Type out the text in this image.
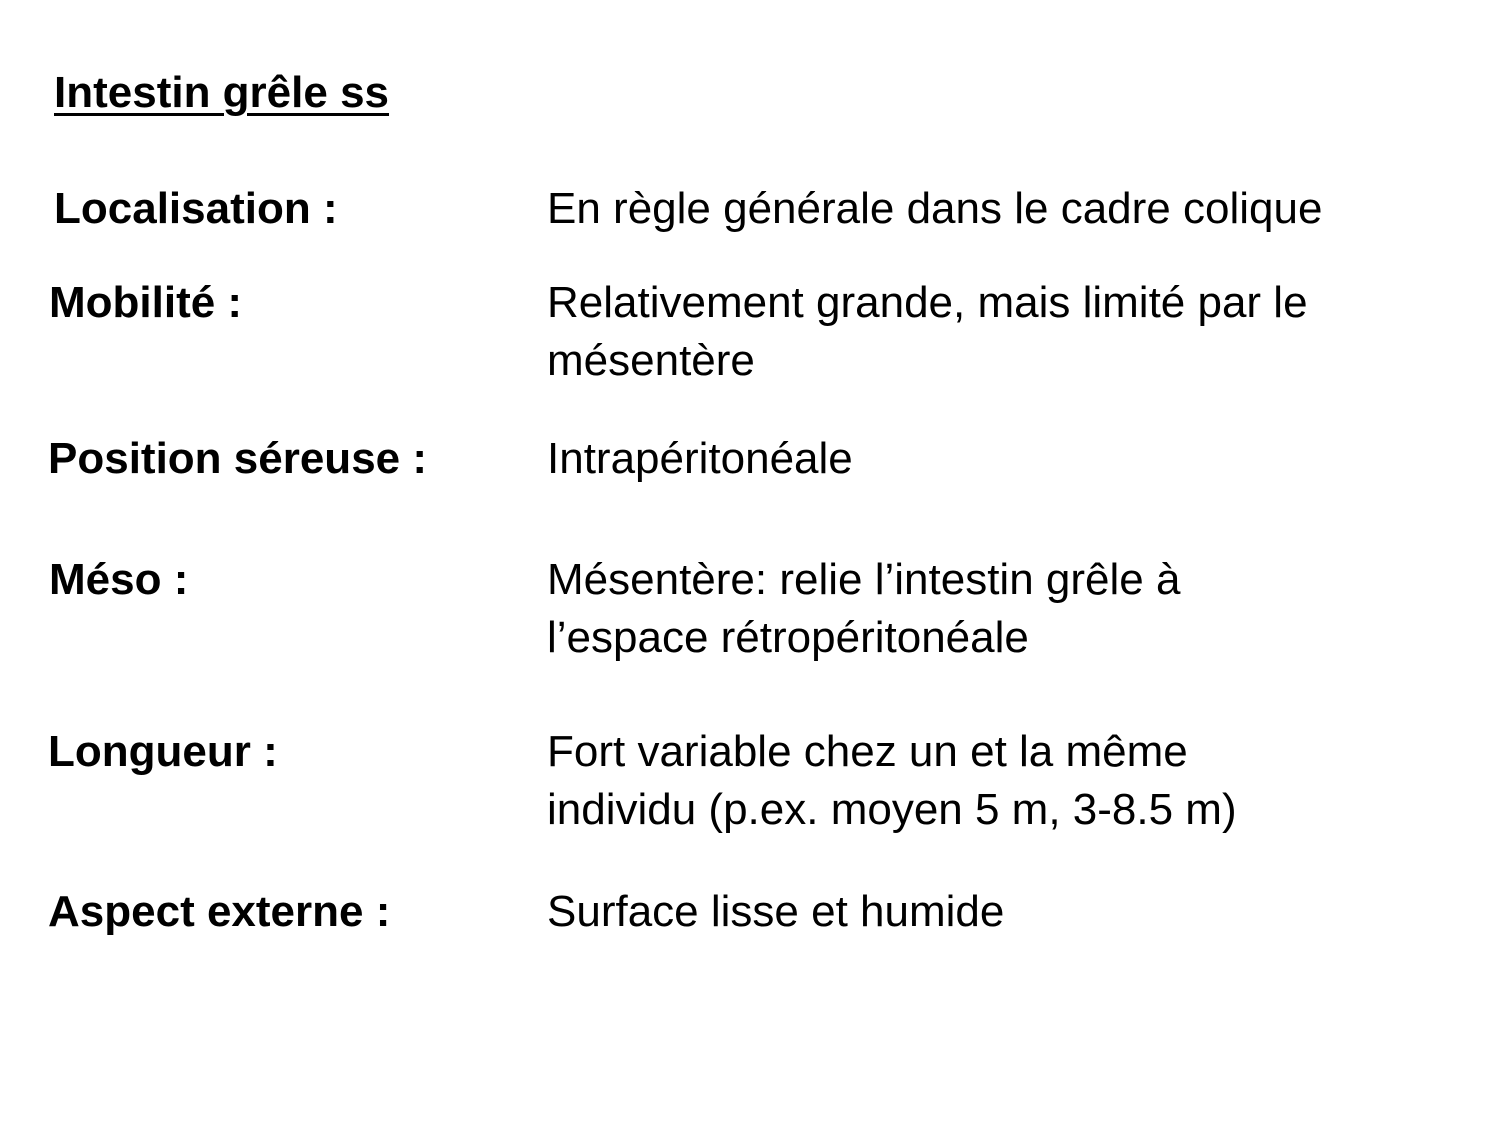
Intestin grêle ss
Localisation :	En règle générale dans le cadre colique
Mobilité :	Relativement grande, mais limité par le
mésentère
Position séreuse :	Intrapéritonéale
Méso :	Mésentère: relie l’intestin grêle à
l’espace rétropéritonéale
Longueur :	Fort variable chez un et la même
individu (p.ex. moyen 5 m, 3-8.5 m)
Aspect externe :	Surface lisse et humide
